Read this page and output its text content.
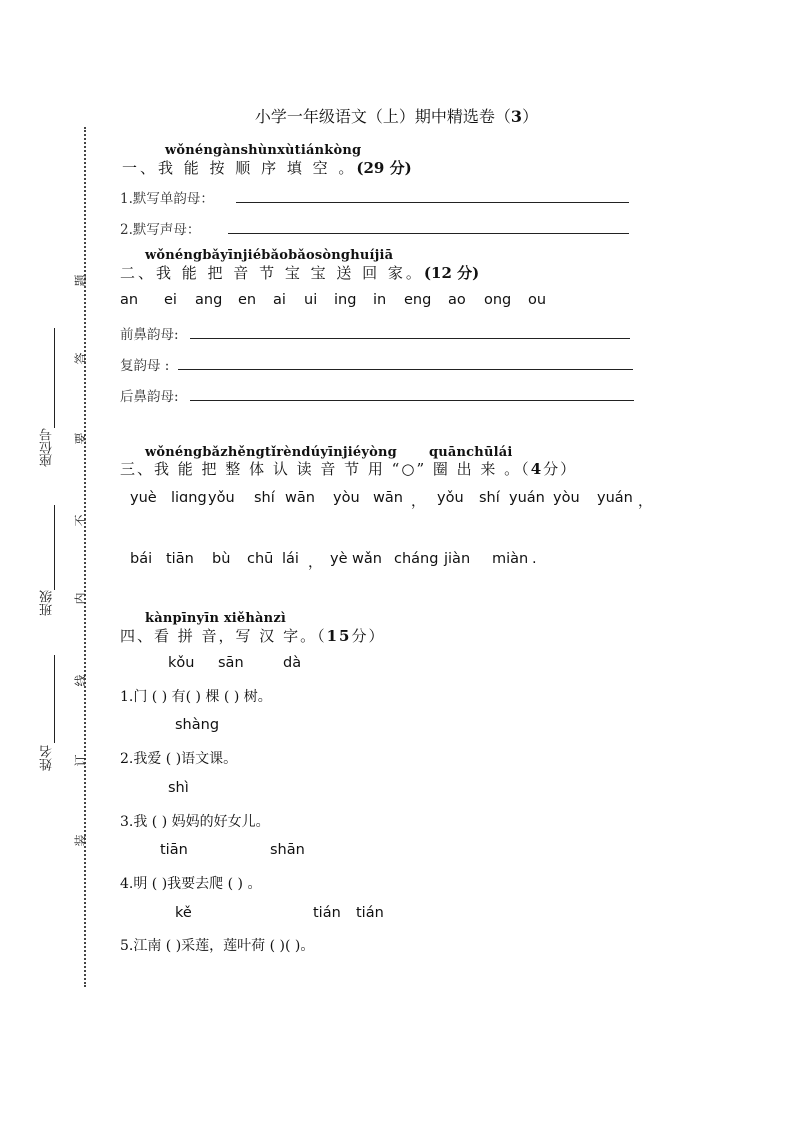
题
答
要
不
内
线
订
装
座位号
班级
姓名
小学一年级语文（上）期中精选卷（3）
wǒnéngànshùnxùtiánkòng
一、我 能 按 顺 序 填 空 。(29 分)
1.默写单韵母：
2.默写声母：
wǒnéngbǎyīnjiébǎobǎosònghuíjiā
二、我 能 把 音 节 宝 宝 送 回 家。(12 分)
an ei ang en ai ui ing in eng ao ong ou
前鼻韵母:
复韵母 :
后鼻韵母:
wǒnéngbǎzhěngtǐrèndúyīnjiéyòng quānchūlái
三、我 能 把 整 体 认 读 音 节 用 “○” 圈 出 来 。（4分）
yuè liɑng yǒu shí wān yòu wān ， yǒu shí yuán yòu yuán ，
bái tiān bù chū lái ， yè wǎn cháng jiàn miàn .
kànpīnyīn xiěhànzì
四、看 拼 音，写 汉 字。（15分）
kǒu sān	dà
1.门 ( ) 有( ) 棵 ( ) 树。
shàng
2.我爱 ( )语文课。
shì
3.我 ( ) 妈妈的好女儿。
tiān	shān
4.明 ( )我要去爬 ( ) 。
kě	tián tián
5.江南 ( )采莲，莲叶荷 ( )( )。
